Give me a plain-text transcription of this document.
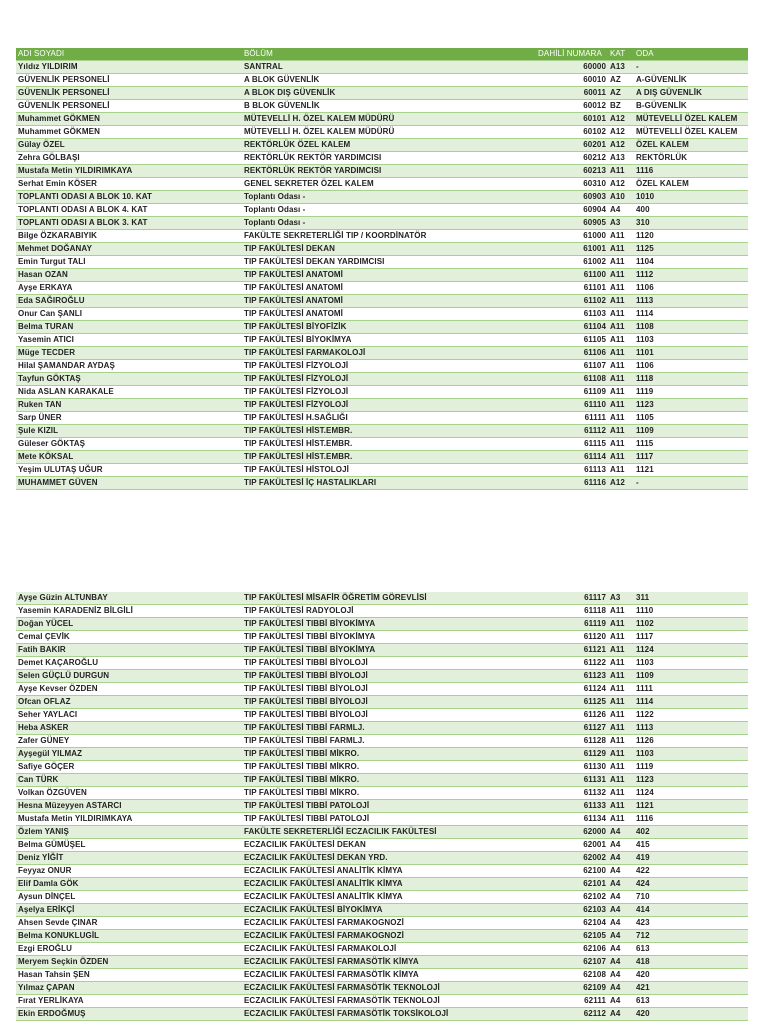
ADI SOYADI	BÖLÜM	DAHİLİ NUMARA	KAT	ODA
Yıldız YILDIRIM	SANTRAL	60000	A13	-
GÜVENLİK PERSONELİ	A BLOK GÜVENLİK	60010	AZ	A-GÜVENLİK
GÜVENLİK PERSONELİ	A BLOK DIŞ GÜVENLİK	60011	AZ	A DIŞ GÜVENLİK
GÜVENLİK PERSONELİ	B BLOK GÜVENLİK	60012	BZ	B-GÜVENLİK
Muhammet GÖKMEN	MÜTEVELLİ H. ÖZEL KALEM MÜDÜRÜ	60101	A12	MÜTEVELLİ ÖZEL KALEM
Muhammet GÖKMEN	MÜTEVELLİ H. ÖZEL KALEM MÜDÜRÜ	60102	A12	MÜTEVELLİ ÖZEL KALEM
Gülay ÖZEL	REKTÖRLÜK ÖZEL KALEM	60201	A12	ÖZEL KALEM
Zehra GÖLBAŞI	REKTÖRLÜK REKTÖR YARDIMCISI	60212	A13	REKTÖRLÜK
Mustafa Metin YILDIRIMKAYA	REKTÖRLÜK REKTÖR YARDIMCISI	60213	A11	1116
Serhat Emin KÖSER	GENEL SEKRETER ÖZEL KALEM	60310	A12	ÖZEL KALEM
TOPLANTI ODASI A BLOK 10. KAT	Toplantı Odası -	60903	A10	1010
TOPLANTI ODASI A BLOK 4. KAT	Toplantı Odası -	60904	A4	400
TOPLANTI ODASI A BLOK 3. KAT	Toplantı Odası -	60905	A3	310
Bilge ÖZKARABIYIK	FAKÜLTE SEKRETERLİĞİ TIP / KOORDİNATÖR	61000	A11	1120
Mehmet DOĞANAY	TIP FAKÜLTESİ DEKAN	61001	A11	1125
Emin Turgut TALI	TIP FAKÜLTESİ DEKAN YARDIMCISI	61002	A11	1104
Hasan OZAN	TIP FAKÜLTESİ ANATOMİ	61100	A11	1112
Ayşe ERKAYA	TIP FAKÜLTESİ ANATOMİ	61101	A11	1106
Eda SAĞIROĞLU	TIP FAKÜLTESİ ANATOMİ	61102	A11	1113
Onur Can ŞANLI	TIP FAKÜLTESİ ANATOMİ	61103	A11	1114
Belma TURAN	TIP FAKÜLTESİ BİYOFİZİK	61104	A11	1108
Yasemin ATICI	TIP FAKÜLTESİ BİYOKİMYA	61105	A11	1103
Müge TECDER	TIP FAKÜLTESİ FARMAKOLOJİ	61106	A11	1101
Hilal ŞAMANDAR AYDAŞ	TIP FAKÜLTESİ FİZYOLOJİ	61107	A11	1106
Tayfun GÖKTAŞ	TIP FAKÜLTESİ FİZYOLOJİ	61108	A11	1118
Nida ASLAN KARAKALE	TIP FAKÜLTESİ FİZYOLOJİ	61109	A11	1119
Ruken TAN	TIP FAKÜLTESİ FİZYOLOJİ	61110	A11	1123
Sarp ÜNER	TIP FAKÜLTESİ H.SAĞLIĞI	61111	A11	1105
Şule KIZIL	TIP FAKÜLTESİ HİST.EMBR.	61112	A11	1109
Güleser GÖKTAŞ	TIP FAKÜLTESİ HİST.EMBR.	61115	A11	1115
Mete KÖKSAL	TIP FAKÜLTESİ HİST.EMBR.	61114	A11	1117
Yeşim ULUTAŞ UĞUR	TIP FAKÜLTESİ HİSTOLOJİ	61113	A11	1121
MUHAMMET GÜVEN	TIP FAKÜLTESİ İÇ HASTALIKLARI	61116	A12	-
Ayşe Güzin ALTUNBAY	TIP FAKÜLTESİ MİSAFİR ÖĞRETİM GÖREVLİSİ	61117	A3	311
Yasemin KARADENİZ BİLGİLİ	TIP FAKÜLTESİ RADYOLOJİ	61118	A11	1110
Doğan YÜCEL	TIP FAKÜLTESİ TIBBİ BİYOKİMYA	61119	A11	1102
Cemal ÇEVİK	TIP FAKÜLTESİ TIBBİ BİYOKİMYA	61120	A11	1117
Fatih BAKIR	TIP FAKÜLTESİ TIBBİ BİYOKİMYA	61121	A11	1124
Demet KAÇAROĞLU	TIP FAKÜLTESİ TIBBİ BİYOLOJİ	61122	A11	1103
Selen GÜÇLÜ DURGUN	TIP FAKÜLTESİ TIBBİ BİYOLOJİ	61123	A11	1109
Ayşe Kevser ÖZDEN	TIP FAKÜLTESİ TIBBİ BİYOLOJİ	61124	A11	1111
Ofcan OFLAZ	TIP FAKÜLTESİ TIBBİ BİYOLOJİ	61125	A11	1114
Seher YAYLACI	TIP FAKÜLTESİ TIBBİ BİYOLOJİ	61126	A11	1122
Heba ASKER	TIP FAKÜLTESİ TIBBİ FARMLJ.	61127	A11	1113
Zafer GÜNEY	TIP FAKÜLTESİ TIBBİ FARMLJ.	61128	A11	1126
Ayşegül YILMAZ	TIP FAKÜLTESİ TIBBİ MİKRO.	61129	A11	1103
Safiye GÖÇER	TIP FAKÜLTESİ TIBBİ MİKRO.	61130	A11	1119
Can TÜRK	TIP FAKÜLTESİ TIBBİ MİKRO.	61131	A11	1123
Volkan ÖZGÜVEN	TIP FAKÜLTESİ TIBBİ MİKRO.	61132	A11	1124
Hesna Müzeyyen ASTARCI	TIP FAKÜLTESİ TIBBİ PATOLOJİ	61133	A11	1121
Mustafa Metin YILDIRIMKAYA	TIP FAKÜLTESİ TIBBİ PATOLOJİ	61134	A11	1116
Özlem YANIŞ	FAKÜLTE SEKRETERLİĞİ ECZACILIK FAKÜLTESİ	62000	A4	402
Belma GÜMÜŞEL	ECZACILIK FAKÜLTESİ DEKAN	62001	A4	415
Deniz YİĞİT	ECZACILIK FAKÜLTESİ DEKAN YRD.	62002	A4	419
Feyyaz ONUR	ECZACILIK FAKÜLTESİ ANALİTİK KİMYA	62100	A4	422
Elif Damla GÖK	ECZACILIK FAKÜLTESİ ANALİTİK KİMYA	62101	A4	424
Aysun DİNÇEL	ECZACILIK FAKÜLTESİ ANALİTİK KİMYA	62102	A4	710
Aşelya ERİKÇİ	ECZACILIK FAKÜLTESİ BİYOKİMYA	62103	A4	414
Ahsen Sevde ÇINAR	ECZACILIK FAKÜLTESİ FARMAKOGNOZİ	62104	A4	423
Belma KONUKLUGİL	ECZACILIK FAKÜLTESİ FARMAKOGNOZİ	62105	A4	712
Ezgi EROĞLU	ECZACILIK FAKÜLTESİ FARMAKOLOJİ	62106	A4	613
Meryem Seçkin ÖZDEN	ECZACILIK FAKÜLTESİ FARMASÖTİK KİMYA	62107	A4	418
Hasan Tahsin ŞEN	ECZACILIK FAKÜLTESİ FARMASÖTİK KİMYA	62108	A4	420
Yılmaz ÇAPAN	ECZACILIK FAKÜLTESİ FARMASÖTİK TEKNOLOJİ	62109	A4	421
Fırat YERLİKAYA	ECZACILIK FAKÜLTESİ FARMASÖTİK TEKNOLOJİ	62111	A4	613
Ekin ERDOĞMUŞ	ECZACILIK FAKÜLTESİ FARMASÖTİK TOKSİKOLOJİ	62112	A4	420
